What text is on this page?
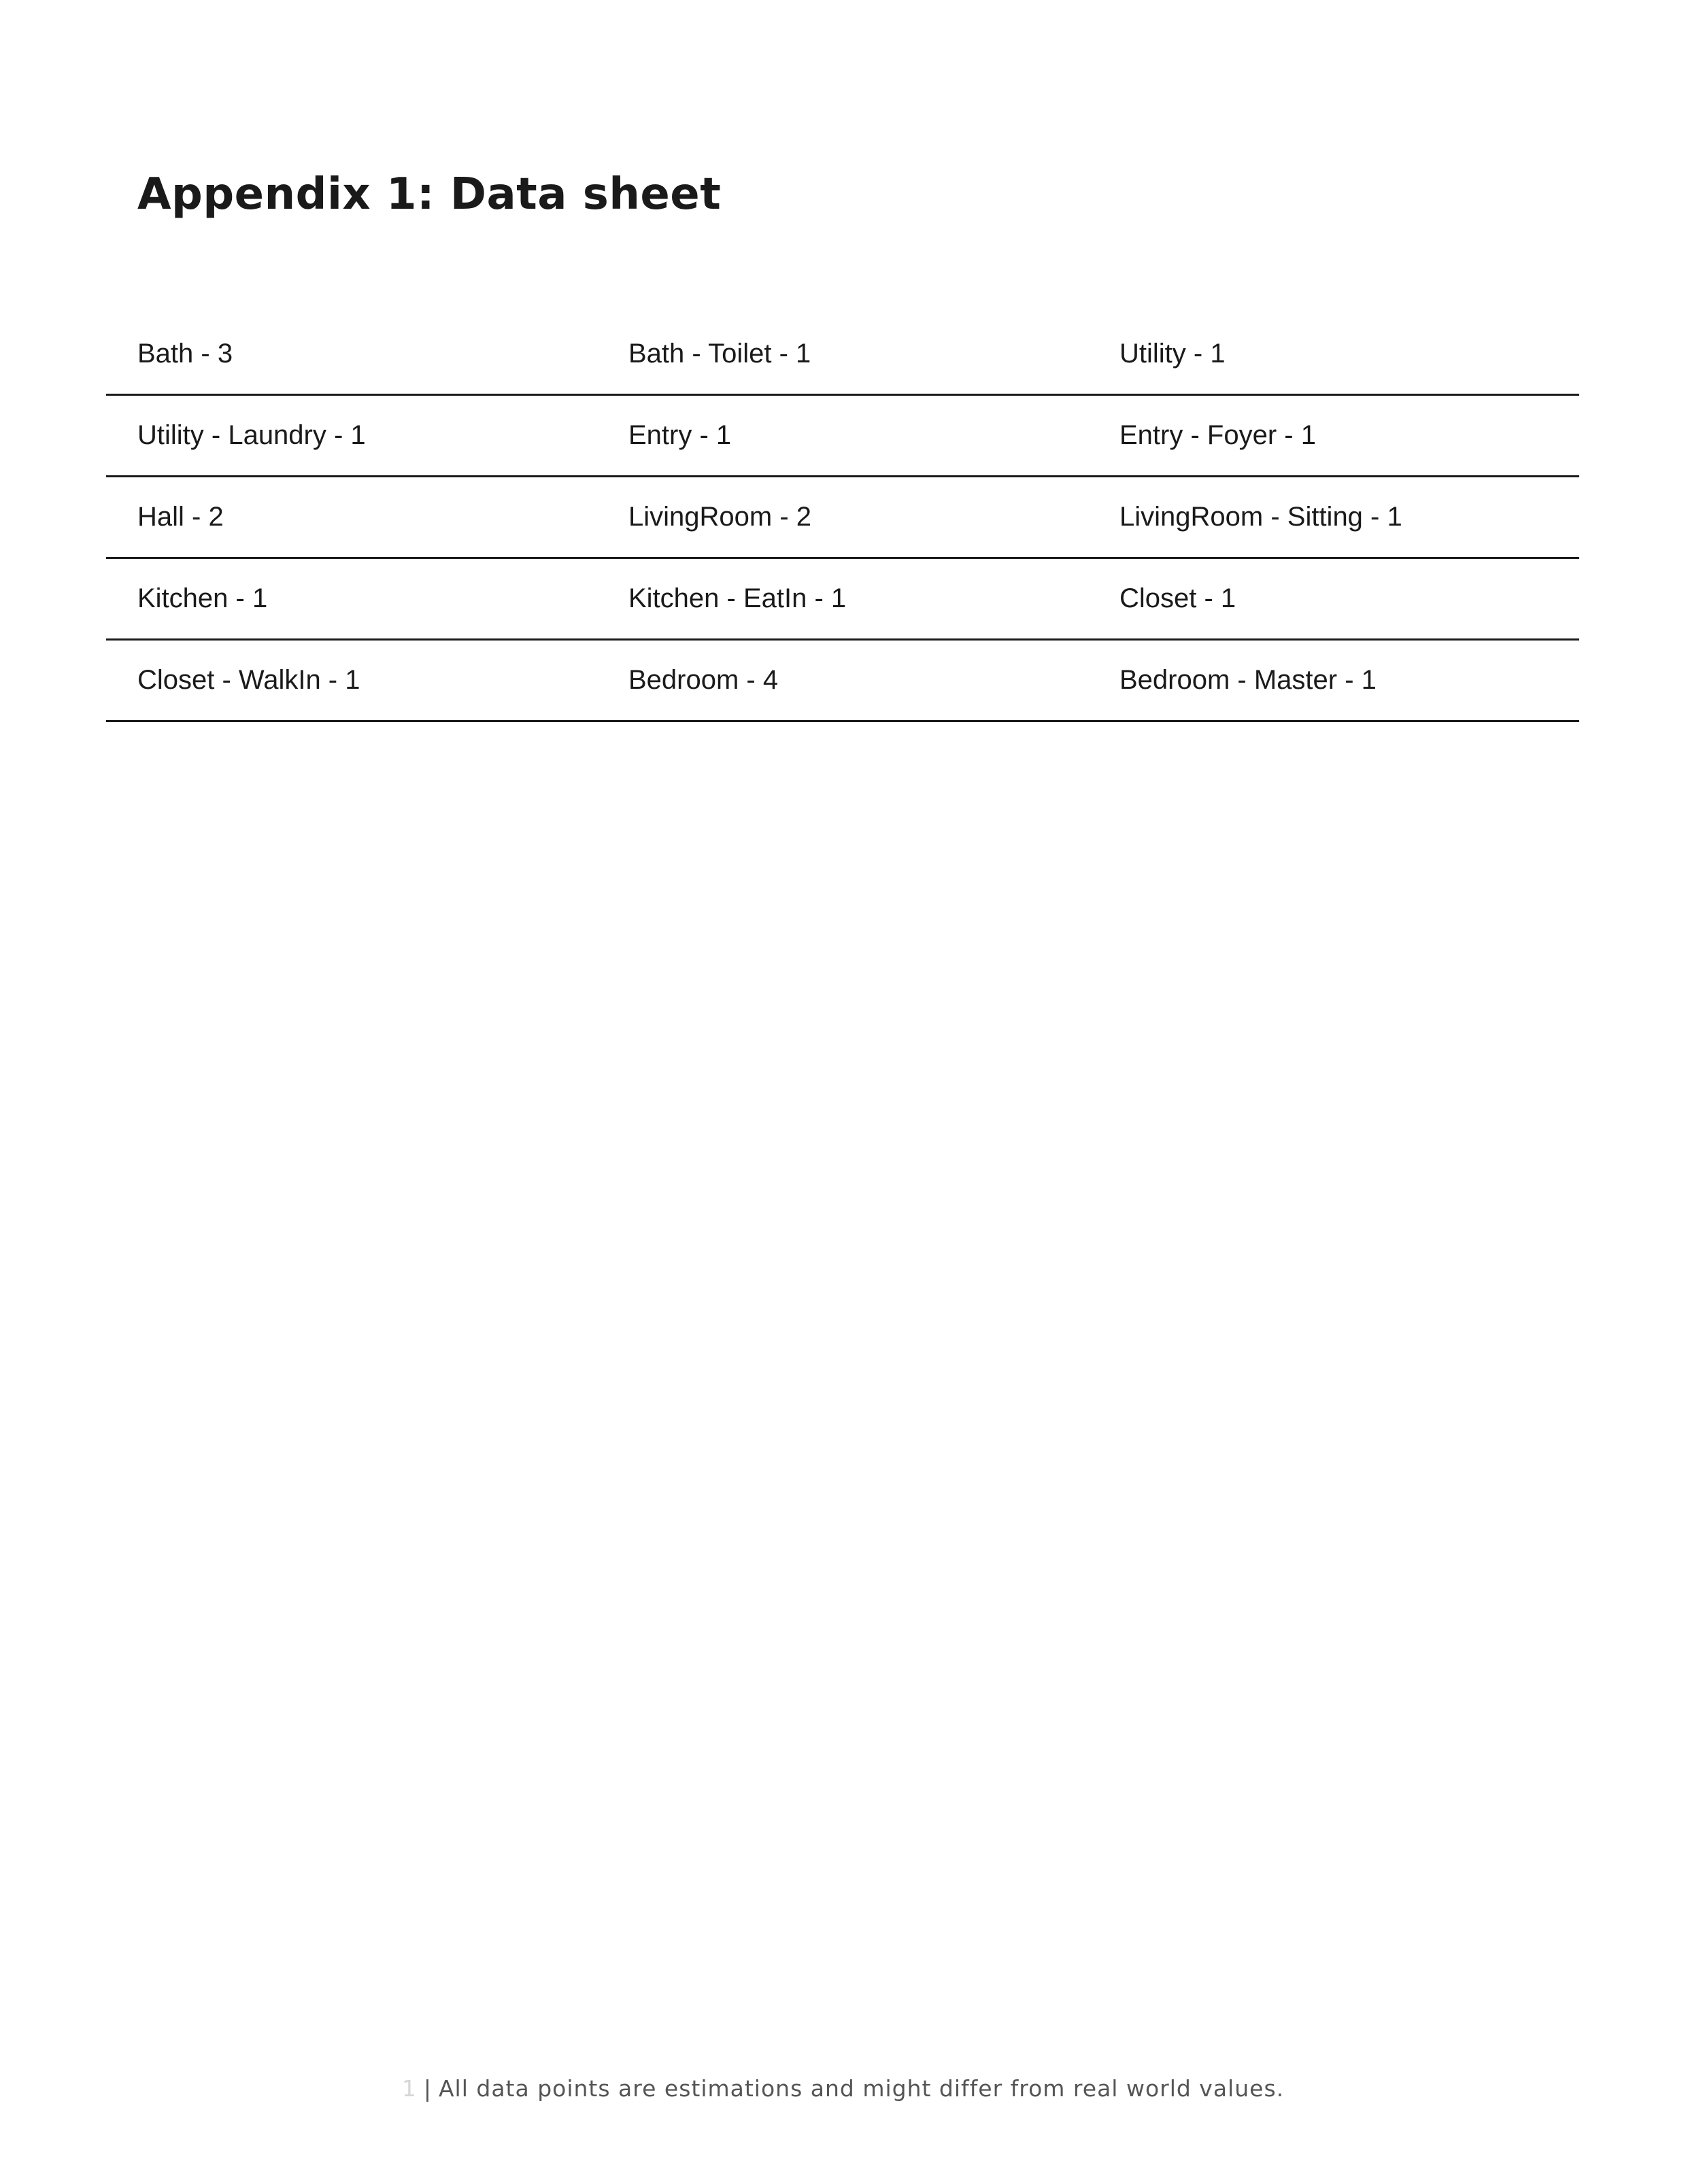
Appendix 1: Data sheet
Bath - 3	Bath - Toilet - 1	Utility - 1
Utility - Laundry - 1	Entry - 1	Entry - Foyer - 1
Hall - 2	LivingRoom - 2	LivingRoom - Sitting - 1
Kitchen - 1	Kitchen - EatIn - 1	Closet - 1
Closet - WalkIn - 1	Bedroom - 4	Bedroom - Master - 1
1 | All data points are estimations and might differ from real world values.
